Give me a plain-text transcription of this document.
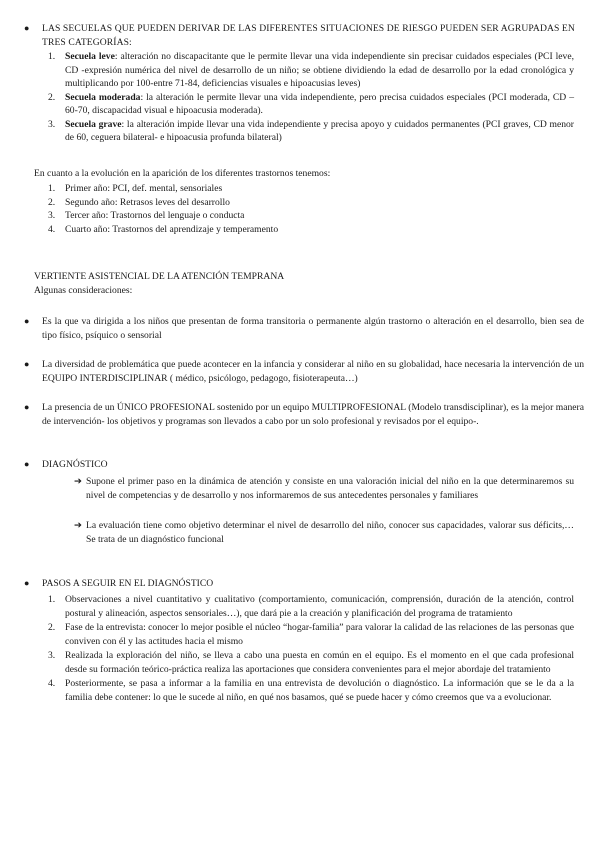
●	LAS SECUELAS QUE PUEDEN DERIVAR DE LAS DIFERENTES SITUACIONES DE RIESGO PUEDEN SER AGRUPADAS EN TRES CATEGORÍAS:
1. Secuela leve: alteración no discapacitante que le permite llevar una vida independiente sin precisar cuidados especiales (PCI leve, CD -expresión numérica del nivel de desarrollo de un niño; se obtiene dividiendo la edad de desarrollo por la edad cronológica y multiplicando por 100-entre 71-84, deficiencias visuales e hipoacusias leves)
2. Secuela moderada: la alteración le permite llevar una vida independiente, pero precisa cuidados especiales (PCI moderada, CD – 60-70, discapacidad visual e hipoacusia moderada).
3. Secuela grave: la alteración impide llevar una vida independiente y precisa apoyo y cuidados permanentes (PCI graves, CD menor de 60, ceguera bilateral- e hipoacusia profunda bilateral)
En cuanto a la evolución en la aparición de los diferentes trastornos tenemos:
1. Primer año: PCI, def. mental, sensoriales
2. Segundo año: Retrasos leves del desarrollo
3. Tercer año: Trastornos del lenguaje o conducta
4. Cuarto año: Trastornos del aprendizaje y temperamento
VERTIENTE ASISTENCIAL DE LA ATENCIÓN TEMPRANA
Algunas consideraciones:
●	Es la que va dirigida a los niños que presentan de forma transitoria o permanente algún trastorno o alteración en el desarrollo, bien sea de tipo físico, psíquico o sensorial
●	La diversidad de problemática que puede acontecer en la infancia y considerar al niño en su globalidad, hace necesaria la intervención de un EQUIPO INTERDISCIPLINAR ( médico, psicólogo, pedagogo, fisioterapeuta…)
●	La presencia de un ÚNICO PROFESIONAL sostenido por un equipo MULTIPROFESIONAL (Modelo transdisciplinar), es la mejor manera de intervención- los objetivos y programas son llevados a cabo por un solo profesional y revisados por el equipo-.
●	DIAGNÓSTICO
➔ Supone el primer paso en la dinámica de atención y consiste en una valoración inicial del niño en la que determinaremos su nivel de competencias y de desarrollo y nos informaremos de sus antecedentes personales y familiares
➔ La evaluación tiene como objetivo determinar el nivel de desarrollo del niño, conocer sus capacidades, valorar sus déficits,…Se trata de un diagnóstico funcional
●	PASOS A SEGUIR EN EL DIAGNÓSTICO
1. Observaciones a nivel cuantitativo y cualitativo (comportamiento, comunicación, comprensión, duración de la atención, control postural y alineación, aspectos sensoriales…), que dará pie a la creación y planificación del programa de tratamiento
2. Fase de la entrevista: conocer lo mejor posible el núcleo “hogar-familia” para valorar la calidad de las relaciones de las personas que conviven con él y las actitudes hacia el mismo
3. Realizada la exploración del niño, se lleva a cabo una puesta en común en el equipo. Es el momento en el que cada profesional desde su formación teórico-práctica realiza las aportaciones que considera convenientes para el mejor abordaje del tratamiento
4. Posteriormente, se pasa a informar a la familia en una entrevista de devolución o diagnóstico. La información que se le da a la familia debe contener: lo que le sucede al niño, en qué nos basamos, qué se puede hacer y cómo creemos que va a evolucionar.
